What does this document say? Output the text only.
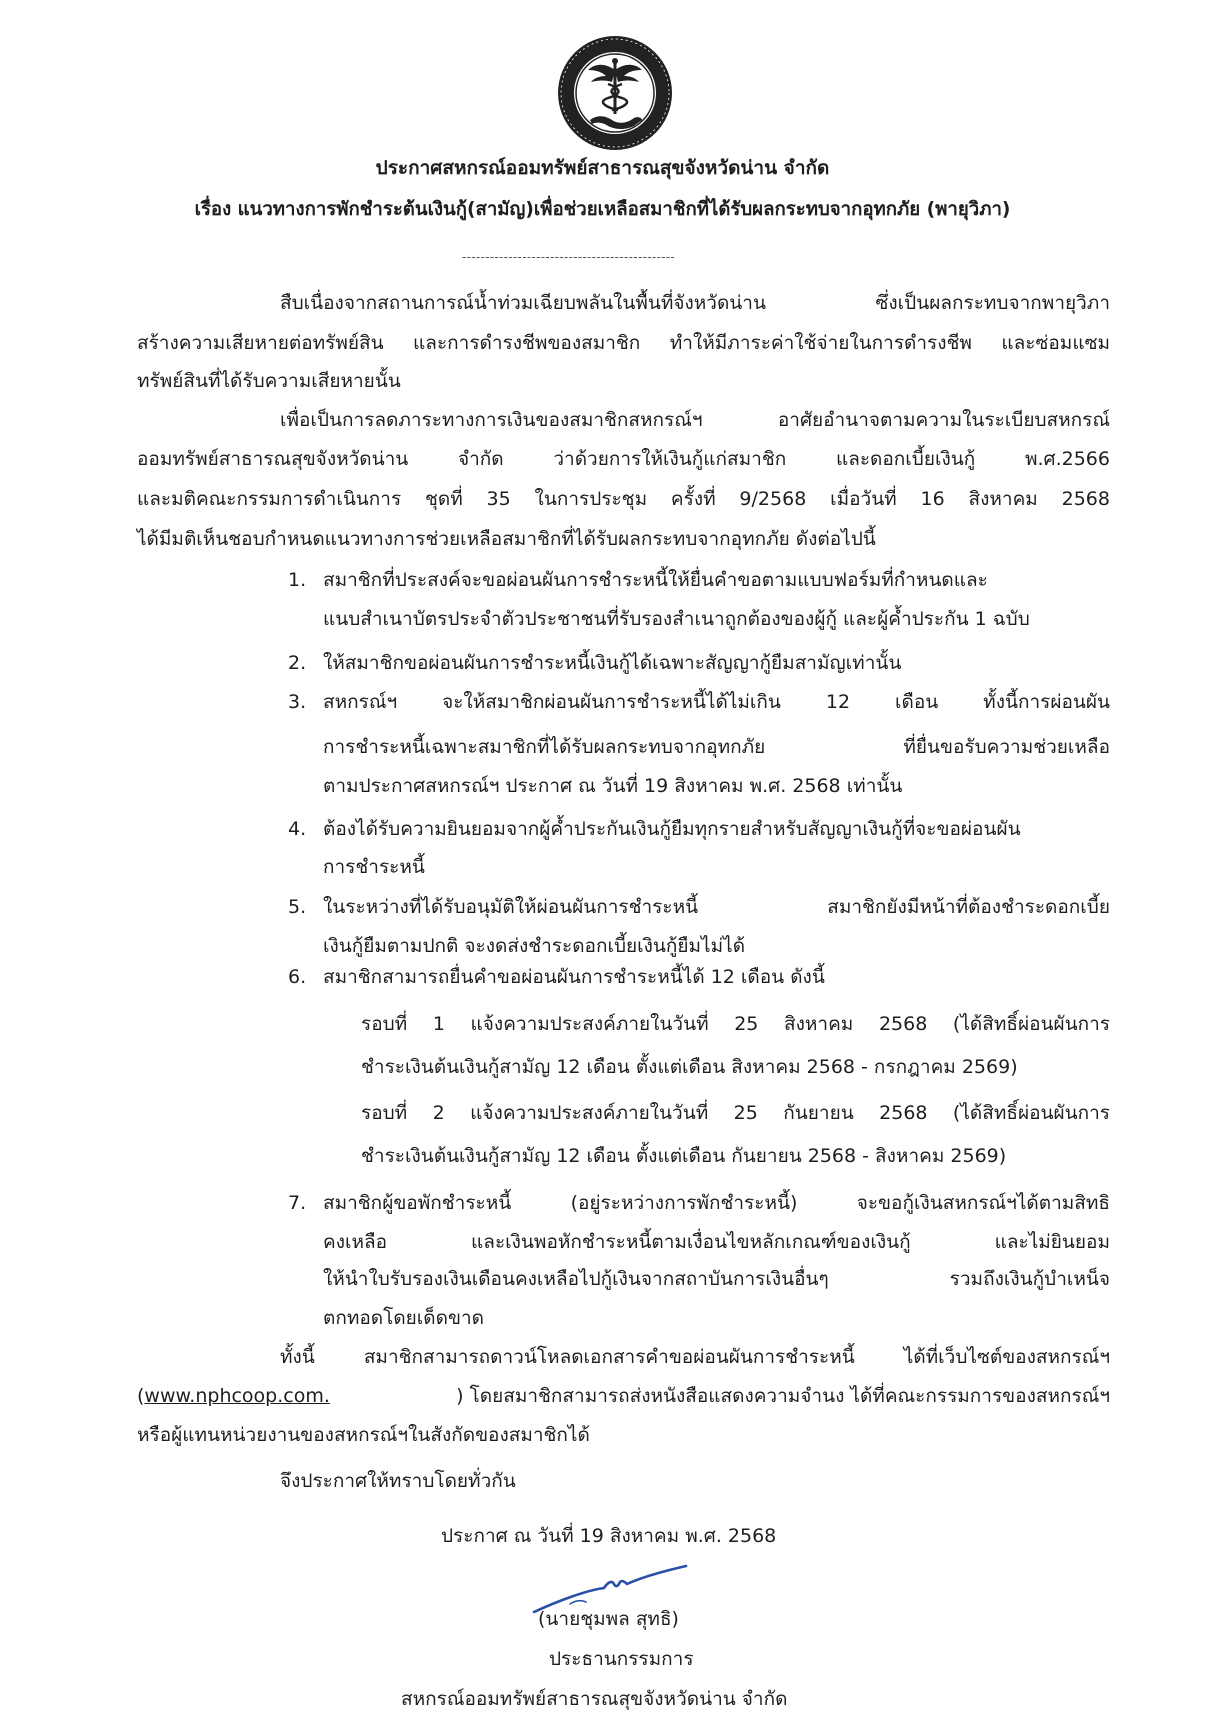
ประกาศสหกรณ์ออมทรัพย์สาธารณสุขจังหวัดน่าน จำกัด
เรื่อง แนวทางการพักชำระต้นเงินกู้(สามัญ)เพื่อช่วยเหลือสมาชิกที่ได้รับผลกระทบจากอุทกภัย (พายุวิภา)
----------------------------------------------
สืบเนื่องจากสถานการณ์น้ำท่วมเฉียบพลันในพื้นที่จังหวัดน่าน ซึ่งเป็นผลกระทบจากพายุวิภา
สร้างความเสียหายต่อทรัพย์สิน และการดำรงชีพของสมาชิก ทำให้มีภาระค่าใช้จ่ายในการดำรงชีพ และซ่อมแซม
ทรัพย์สินที่ได้รับความเสียหายนั้น
เพื่อเป็นการลดภาระทางการเงินของสมาชิกสหกรณ์ฯ อาศัยอำนาจตามความในระเบียบสหกรณ์
ออมทรัพย์สาธารณสุขจังหวัดน่าน จำกัด ว่าด้วยการให้เงินกู้แก่สมาชิก และดอกเบี้ยเงินกู้ พ.ศ.2566
และมติคณะกรรมการดำเนินการ ชุดที่ 35 ในการประชุม ครั้งที่ 9/2568 เมื่อวันที่ 16 สิงหาคม 2568
ได้มีมติเห็นชอบกำหนดแนวทางการช่วยเหลือสมาชิกที่ได้รับผลกระทบจากอุทกภัย ดังต่อไปนี้
1. สมาชิกที่ประสงค์จะขอผ่อนผันการชำระหนี้ให้ยื่นคำขอตามแบบฟอร์มที่กำหนดและ
แนบสำเนาบัตรประจำตัวประชาชนที่รับรองสำเนาถูกต้องของผู้กู้ และผู้ค้ำประกัน 1 ฉบับ
2. ให้สมาชิกขอผ่อนผันการชำระหนี้เงินกู้ได้เฉพาะสัญญากู้ยืมสามัญเท่านั้น
3. สหกรณ์ฯ จะให้สมาชิกผ่อนผันการชำระหนี้ได้ไม่เกิน 12 เดือน ทั้งนี้การผ่อนผัน
การชำระหนี้เฉพาะสมาชิกที่ได้รับผลกระทบจากอุทกภัย ที่ยื่นขอรับความช่วยเหลือ
ตามประกาศสหกรณ์ฯ ประกาศ ณ วันที่ 19 สิงหาคม พ.ศ. 2568 เท่านั้น
4. ต้องได้รับความยินยอมจากผู้ค้ำประกันเงินกู้ยืมทุกรายสำหรับสัญญาเงินกู้ที่จะขอผ่อนผัน
การชำระหนี้
5. ในระหว่างที่ได้รับอนุมัติให้ผ่อนผันการชำระหนี้ สมาชิกยังมีหน้าที่ต้องชำระดอกเบี้ย
เงินกู้ยืมตามปกติ จะงดส่งชำระดอกเบี้ยเงินกู้ยืมไม่ได้
6. สมาชิกสามารถยื่นคำขอผ่อนผันการชำระหนี้ได้ 12 เดือน ดังนี้
รอบที่ 1 แจ้งความประสงค์ภายในวันที่ 25 สิงหาคม 2568 (ได้สิทธิ์ผ่อนผันการ
ชำระเงินต้นเงินกู้สามัญ 12 เดือน ตั้งแต่เดือน สิงหาคม 2568 - กรกฎาคม 2569)
รอบที่ 2 แจ้งความประสงค์ภายในวันที่ 25 กันยายน 2568 (ได้สิทธิ์ผ่อนผันการ
ชำระเงินต้นเงินกู้สามัญ 12 เดือน ตั้งแต่เดือน กันยายน 2568 - สิงหาคม 2569)
7. สมาชิกผู้ขอพักชำระหนี้ (อยู่ระหว่างการพักชำระหนี้) จะขอกู้เงินสหกรณ์ฯได้ตามสิทธิ
คงเหลือ และเงินพอหักชำระหนี้ตามเงื่อนไขหลักเกณฑ์ของเงินกู้ และไม่ยินยอม
ให้นำใบรับรองเงินเดือนคงเหลือไปกู้เงินจากสถาบันการเงินอื่นๆ รวมถึงเงินกู้บำเหน็จ
ตกทอดโดยเด็ดขาด
ทั้งนี้ สมาชิกสามารถดาวน์โหลดเอกสารคำขอผ่อนผันการชำระหนี้ ได้ที่เว็บไซต์ของสหกรณ์ฯ
(www.nphcoop.com.	) โดยสมาชิกสามารถส่งหนังสือแสดงความจำนง ได้ที่คณะกรรมการของสหกรณ์ฯ
หรือผู้แทนหน่วยงานของสหกรณ์ฯในสังกัดของสมาชิกได้
จึงประกาศให้ทราบโดยทั่วกัน
ประกาศ ณ วันที่ 19 สิงหาคม พ.ศ. 2568
(นายชุมพล สุทธิ)
ประธานกรรมการ
สหกรณ์ออมทรัพย์สาธารณสุขจังหวัดน่าน จำกัด
